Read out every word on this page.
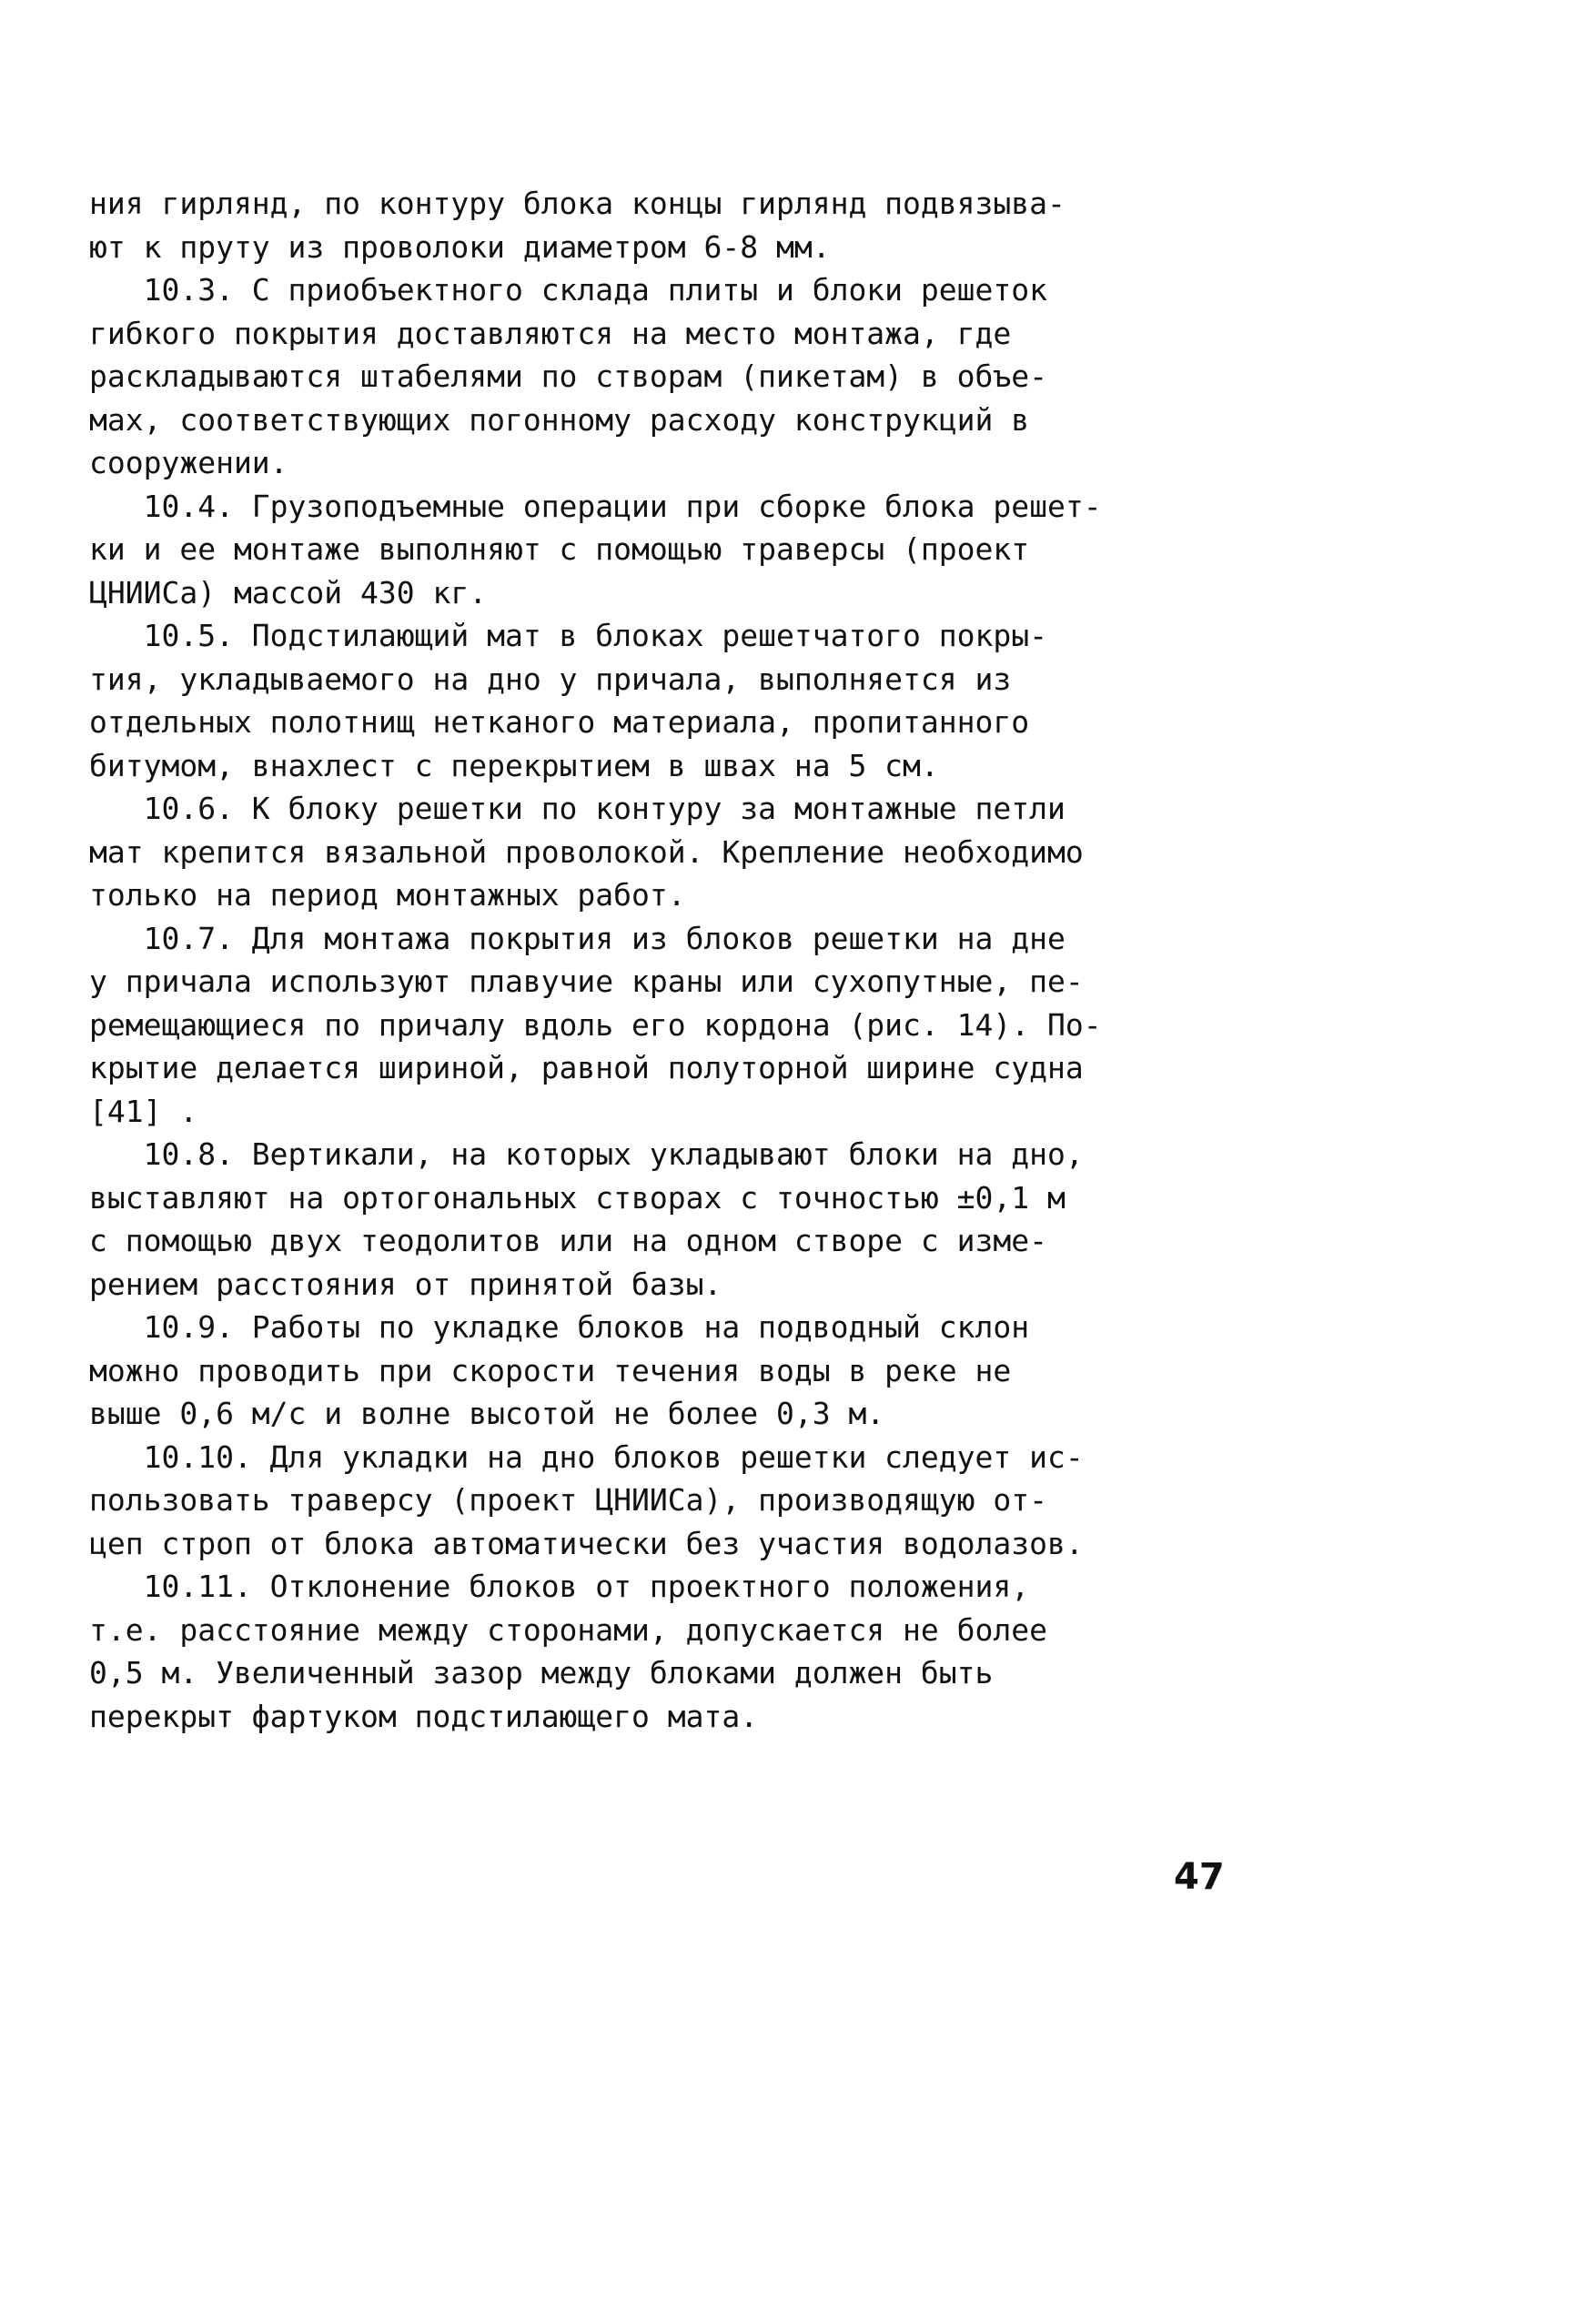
ния гирлянд, по контуру блока концы гирлянд подвязыва-
ют к пруту из проволоки диаметром 6-8 мм.
10.3. С приобъектного склада плиты и блоки решеток
гибкого покрытия доставляются на место монтажа, где
раскладываются штабелями по створам (пикетам) в объе-
мах, соответствующих погонному расходу конструкций в
сооружении.
10.4. Грузоподъемные операции при сборке блока решет-
ки и ее монтаже выполняют с помощью траверсы (проект
ЦНИИСа) массой 430 кг.
10.5. Подстилающий мат в блоках решетчатого покры-
тия, укладываемого на дно у причала, выполняется из
отдельных полотнищ нетканого материала, пропитанного
битумом, внахлест с перекрытием в швах на 5 см.
10.6. К блоку решетки по контуру за монтажные петли
мат крепится вязальной проволокой. Крепление необходимо
только на период монтажных работ.
10.7. Для монтажа покрытия из блоков решетки на дне
у причала используют плавучие краны или сухопутные, пе-
ремещающиеся по причалу вдоль его кордона (рис. 14). По-
крытие делается шириной, равной полуторной ширине судна
[41] .
10.8. Вертикали, на которых укладывают блоки на дно,
выставляют на ортогональных створах с точностью ±0,1 м
с помощью двух теодолитов или на одном створе с изме-
рением расстояния от принятой базы.
10.9. Работы по укладке блоков на подводный склон
можно проводить при скорости течения воды в реке не
выше 0,6 м/с и волне высотой не более 0,3 м.
10.10. Для укладки на дно блоков решетки следует ис-
пользовать траверсу (проект ЦНИИСа), производящую от-
цеп строп от блока автоматически без участия водолазов.
10.11. Отклонение блоков от проектного положения,
т.е. расстояние между сторонами, допускается не более
0,5 м. Увеличенный зазор между блоками должен быть
перекрыт фартуком подстилающего мата.
47
